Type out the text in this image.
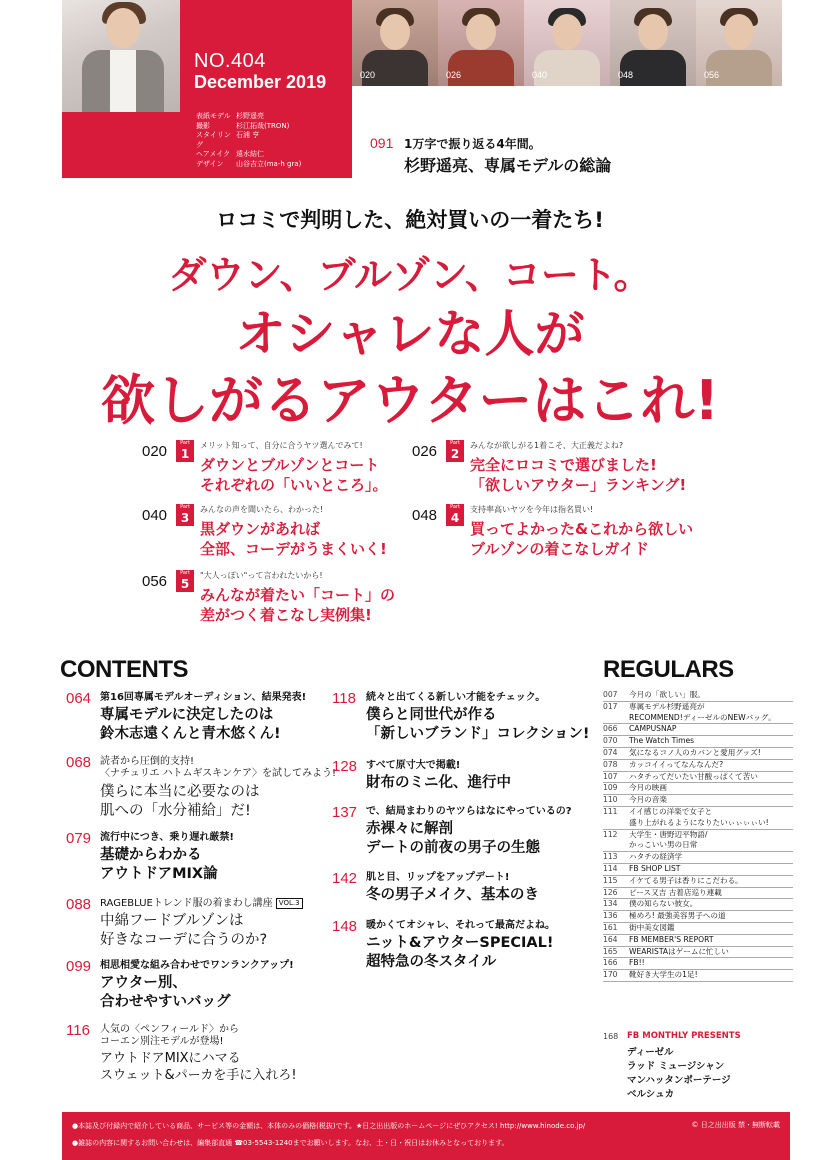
NO.404
December 2019
表紙モデル 杉野遥亮
撮影	杉江拓哉(TRON)
スタイリング
石浦 亨
ヘアメイク 遠水結仁
デザイン	山谷吉立(ma-h gra)
020	026	040	048	056
091 1万字で振り返る4年間。
杉野遥亮、専属モデルの総論
ロコミで判明した、絶対買いの一着たち!
ダウン、ブルゾン、コート。
オシャレな人が
欲しがるアウターはこれ!
020	Part
1
メリット知って、自分に合うヤツ選んでみて!
ダウンとブルゾンとコート
それぞれの「いいところ」。
026	Part
2
みんなが欲しがる1着こそ、大正義だよね?
完全にロコミで選びました!
「欲しいアウター」ランキング!
040	Part
3
みんなの声を聞いたら、わかった!
黒ダウンがあれば
全部、コーデがうまくいく!
048	Part
4
支持率高いヤツを今年は指名買い!
買ってよかった&これから欲しい
ブルゾンの着こなしガイド
056	Part
5
"大人っぽい"って言われたいから!
みんなが着たい「コート」の
差がつく着こなし実例集!
CONTENTS	REGULARS
064 第16回専属モデルオーディション、結果発表!
専属モデルに決定したのは
鈴木志遠くんと青木悠くん!
068 読者から圧倒的支持!
〈ナチュリエ ハトムギスキンケア〉を試してみよう!
僕らに本当に必要なのは
肌への「水分補給」だ!
079 流行中につき、乗り遅れ厳禁!
基礎からわかる
アウトドアMIX論
088 RAGEBLUEトレンド服の着まわし講座 VOL.3
中綿フードブルゾンは
好きなコーデに合うのか?
099 相思相愛な組み合わせでワンランクアップ!
アウター別、
合わせやすいバッグ
116 人気の〈ペンフィールド〉から
コーエン別注モデルが登場!
アウトドアMIXにハマる
スウェット&パーカを手に入れろ!
118 続々と出てくる新しい才能をチェック。
僕らと同世代が作る
「新しいブランド」コレクション!
128 すべて原寸大で掲載!
財布のミニ化、進行中
137 で、結局まわりのヤツらはなにやっているの?
赤裸々に解剖
デートの前夜の男子の生態
142 肌と目、リップをアップデート!
冬の男子メイク、基本のき
148 暖かくてオシャレ、それって最高だよね。
ニット&アウターSPECIAL!
超特急の冬スタイル
007	今月の「欲しい」服。
017	専属モデル杉野遥亮が
RECOMMEND!ディーゼルのNEWバッグ。
066	CAMPUSNAP
070	The Watch Times
074	気になるコノ人のカバンと愛用グッズ!
078	カッコイイってなんなんだ?
107	ハタチってだいたい甘酸っぱくて苦い
109	今月の映画
110	今月の音楽
111	イイ感じの洋楽で女子と
盛り上がれるようになりたいぃぃぃぃい!
112	大学生・唐野辺平物語/
かっこいい男の日常
113	ハタチの経済学
114	FB SHOP LIST
115	イケてる男子は香りにこだわる。
126	ピース又吉 古着店巡り連載
134	僕の知らない彼女。
136	極めろ! 最強美容男子への道
161	街中美女図鑑
164	FB MEMBER'S REPORT
165	WEARISTAはゲームに忙しい
166	FB!!
170	靴好き大学生の1足!
168 FB MONTHLY PRESENTS
ディーゼル
ラッド ミュージシャン
マンハッタンポーテージ
ベルシュカ
●本誌及び付録内で紹介している商品、サービス等の金額は、本体のみの価格(税抜)です。★日之出出版のホームページにぜひアクセス! http://www.hinode.co.jp/
●雑誌の内容に関するお問い合わせは、編集部直通 ☎03-5543-1240までお願いします。なお、土・日・祝日はお休みとなっております。
© 日之出出版 禁・無断転載
